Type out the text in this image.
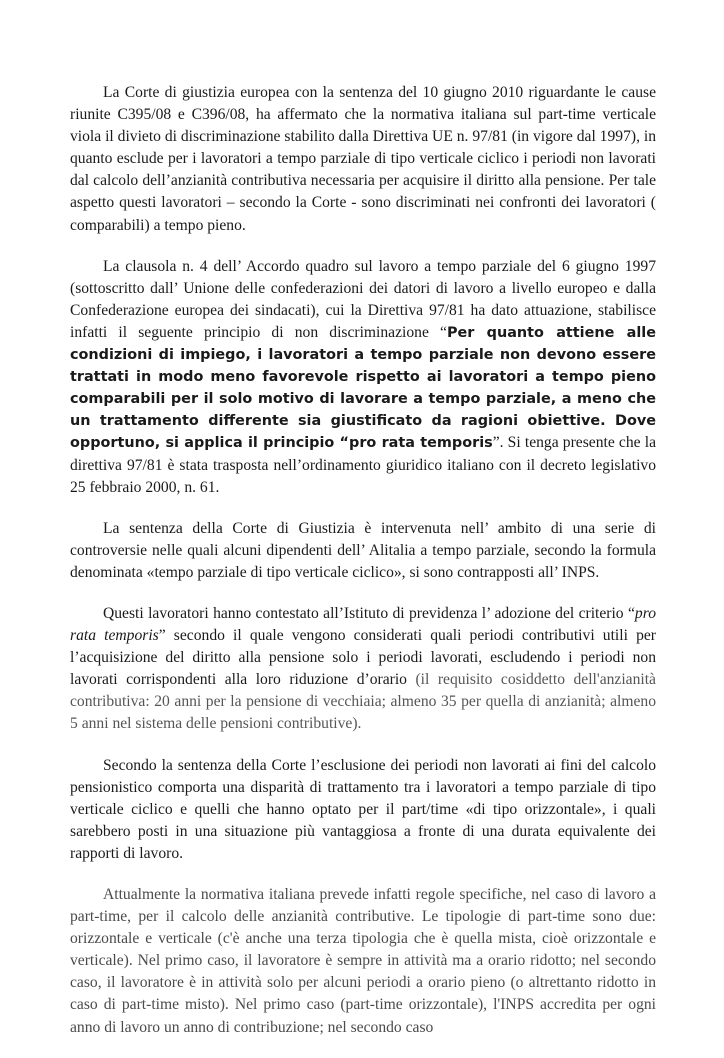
La Corte di giustizia europea con la sentenza del 10 giugno 2010 riguardante le cause riunite C395/08 e C396/08, ha affermato che la normativa italiana sul part-time verticale viola il divieto di discriminazione stabilito dalla Direttiva UE n. 97/81 (in vigore dal 1997), in quanto esclude per i lavoratori a tempo parziale di tipo verticale ciclico i periodi non lavorati dal calcolo dell’anzianità contributiva necessaria per acquisire il diritto alla pensione. Per tale aspetto questi lavoratori – secondo la Corte - sono discriminati nei confronti dei lavoratori ( comparabili) a tempo pieno.

La clausola n. 4 dell’ Accordo quadro sul lavoro a tempo parziale del 6 giugno 1997 (sottoscritto dall’ Unione delle confederazioni dei datori di lavoro a livello europeo e dalla Confederazione europea dei sindacati), cui la Direttiva 97/81 ha dato attuazione, stabilisce infatti il seguente principio di non discriminazione “Per quanto attiene alle condizioni di impiego, i lavoratori a tempo parziale non devono essere trattati in modo meno favorevole rispetto ai lavoratori a tempo pieno comparabili per il solo motivo di lavorare a tempo parziale, a meno che un trattamento differente sia giustificato da ragioni obiettive. Dove opportuno, si applica il principio “pro rata temporis”. Si tenga presente che la direttiva 97/81 è stata trasposta nell’ordinamento giuridico italiano con il decreto legislativo 25 febbraio 2000, n. 61.

La sentenza della Corte di Giustizia è intervenuta nell’ ambito di una serie di controversie nelle quali alcuni dipendenti dell’ Alitalia a tempo parziale, secondo la formula denominata «tempo parziale di tipo verticale ciclico», si sono contrapposti all’ INPS.

Questi lavoratori hanno contestato all’Istituto di previdenza l’ adozione del criterio “pro rata temporis” secondo il quale vengono considerati quali periodi contributivi utili per l’acquisizione del diritto alla pensione solo i periodi lavorati, escludendo i periodi non lavorati corrispondenti alla loro riduzione d’orario (il requisito cosiddetto dell'anzianità contributiva: 20 anni per la pensione di vecchiaia; almeno 35 per quella di anzianità; almeno 5 anni nel sistema delle pensioni contributive).

Secondo la sentenza della Corte l’esclusione dei periodi non lavorati ai fini del calcolo pensionistico comporta una disparità di trattamento tra i lavoratori a tempo parziale di tipo verticale ciclico e quelli che hanno optato per il part/time «di tipo orizzontale», i quali sarebbero posti in una situazione più vantaggiosa a fronte di una durata equivalente dei rapporti di lavoro.

Attualmente la normativa italiana prevede infatti regole specifiche, nel caso di lavoro a part-time, per il calcolo delle anzianità contributive. Le tipologie di part-time sono due: orizzontale e verticale (c'è anche una terza tipologia che è quella mista, cioè orizzontale e verticale). Nel primo caso, il lavoratore è sempre in attività ma a orario ridotto; nel secondo caso, il lavoratore è in attività solo per alcuni periodi a orario pieno (o altrettanto ridotto in caso di part-time misto). Nel primo caso (part-time orizzontale), l'INPS accredita per ogni anno di lavoro un anno di contribuzione; nel secondo caso
